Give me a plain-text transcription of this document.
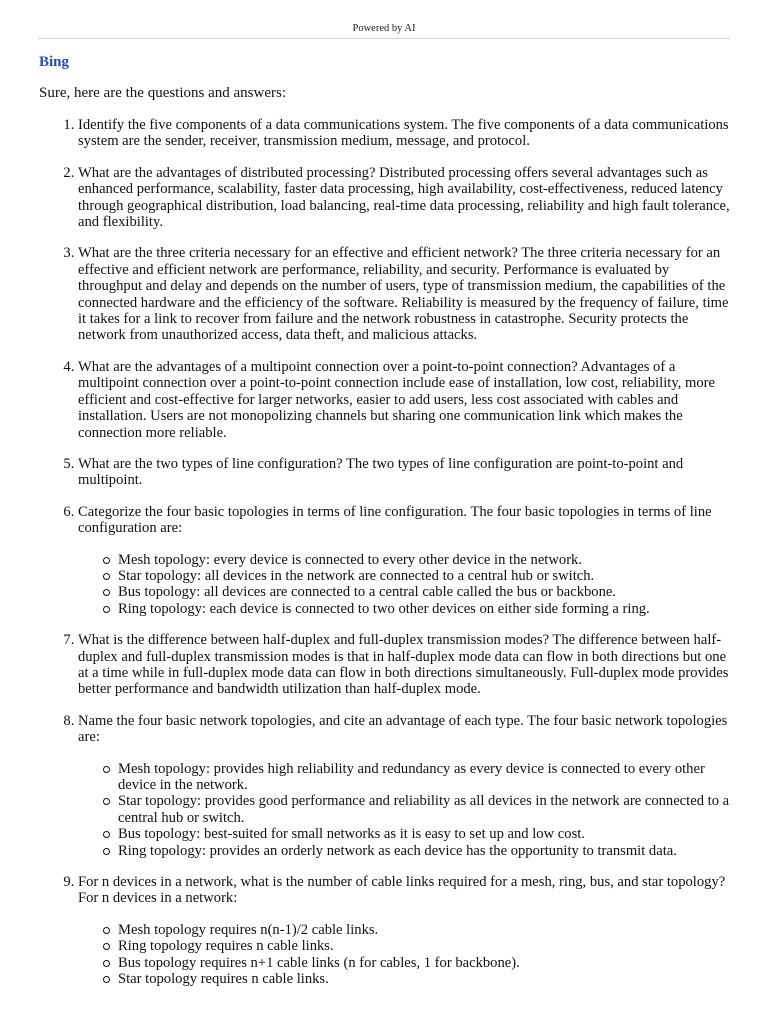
Powered by AI
Bing
Sure, here are the questions and answers:
1. Identify the five components of a data communications system. The five components of a data communications system are the sender, receiver, transmission medium, message, and protocol.
2. What are the advantages of distributed processing? Distributed processing offers several advantages such as enhanced performance, scalability, faster data processing, high availability, cost-effectiveness, reduced latency through geographical distribution, load balancing, real-time data processing, reliability and high fault tolerance, and flexibility.
3. What are the three criteria necessary for an effective and efficient network? The three criteria necessary for an effective and efficient network are performance, reliability, and security. Performance is evaluated by throughput and delay and depends on the number of users, type of transmission medium, the capabilities of the connected hardware and the efficiency of the software. Reliability is measured by the frequency of failure, time it takes for a link to recover from failure and the network robustness in catastrophe. Security protects the network from unauthorized access, data theft, and malicious attacks.
4. What are the advantages of a multipoint connection over a point-to-point connection? Advantages of a multipoint connection over a point-to-point connection include ease of installation, low cost, reliability, more efficient and cost-effective for larger networks, easier to add users, less cost associated with cables and installation. Users are not monopolizing channels but sharing one communication link which makes the connection more reliable.
5. What are the two types of line configuration? The two types of line configuration are point-to-point and multipoint.
6. Categorize the four basic topologies in terms of line configuration. The four basic topologies in terms of line configuration are:
Mesh topology: every device is connected to every other device in the network.
Star topology: all devices in the network are connected to a central hub or switch.
Bus topology: all devices are connected to a central cable called the bus or backbone.
Ring topology: each device is connected to two other devices on either side forming a ring.
7. What is the difference between half-duplex and full-duplex transmission modes? The difference between half-duplex and full-duplex transmission modes is that in half-duplex mode data can flow in both directions but one at a time while in full-duplex mode data can flow in both directions simultaneously. Full-duplex mode provides better performance and bandwidth utilization than half-duplex mode.
8. Name the four basic network topologies, and cite an advantage of each type. The four basic network topologies are:
Mesh topology: provides high reliability and redundancy as every device is connected to every other device in the network.
Star topology: provides good performance and reliability as all devices in the network are connected to a central hub or switch.
Bus topology: best-suited for small networks as it is easy to set up and low cost.
Ring topology: provides an orderly network as each device has the opportunity to transmit data.
9. For n devices in a network, what is the number of cable links required for a mesh, ring, bus, and star topology? For n devices in a network:
Mesh topology requires n(n-1)/2 cable links.
Ring topology requires n cable links.
Bus topology requires n+1 cable links (n for cables, 1 for backbone).
Star topology requires n cable links.
